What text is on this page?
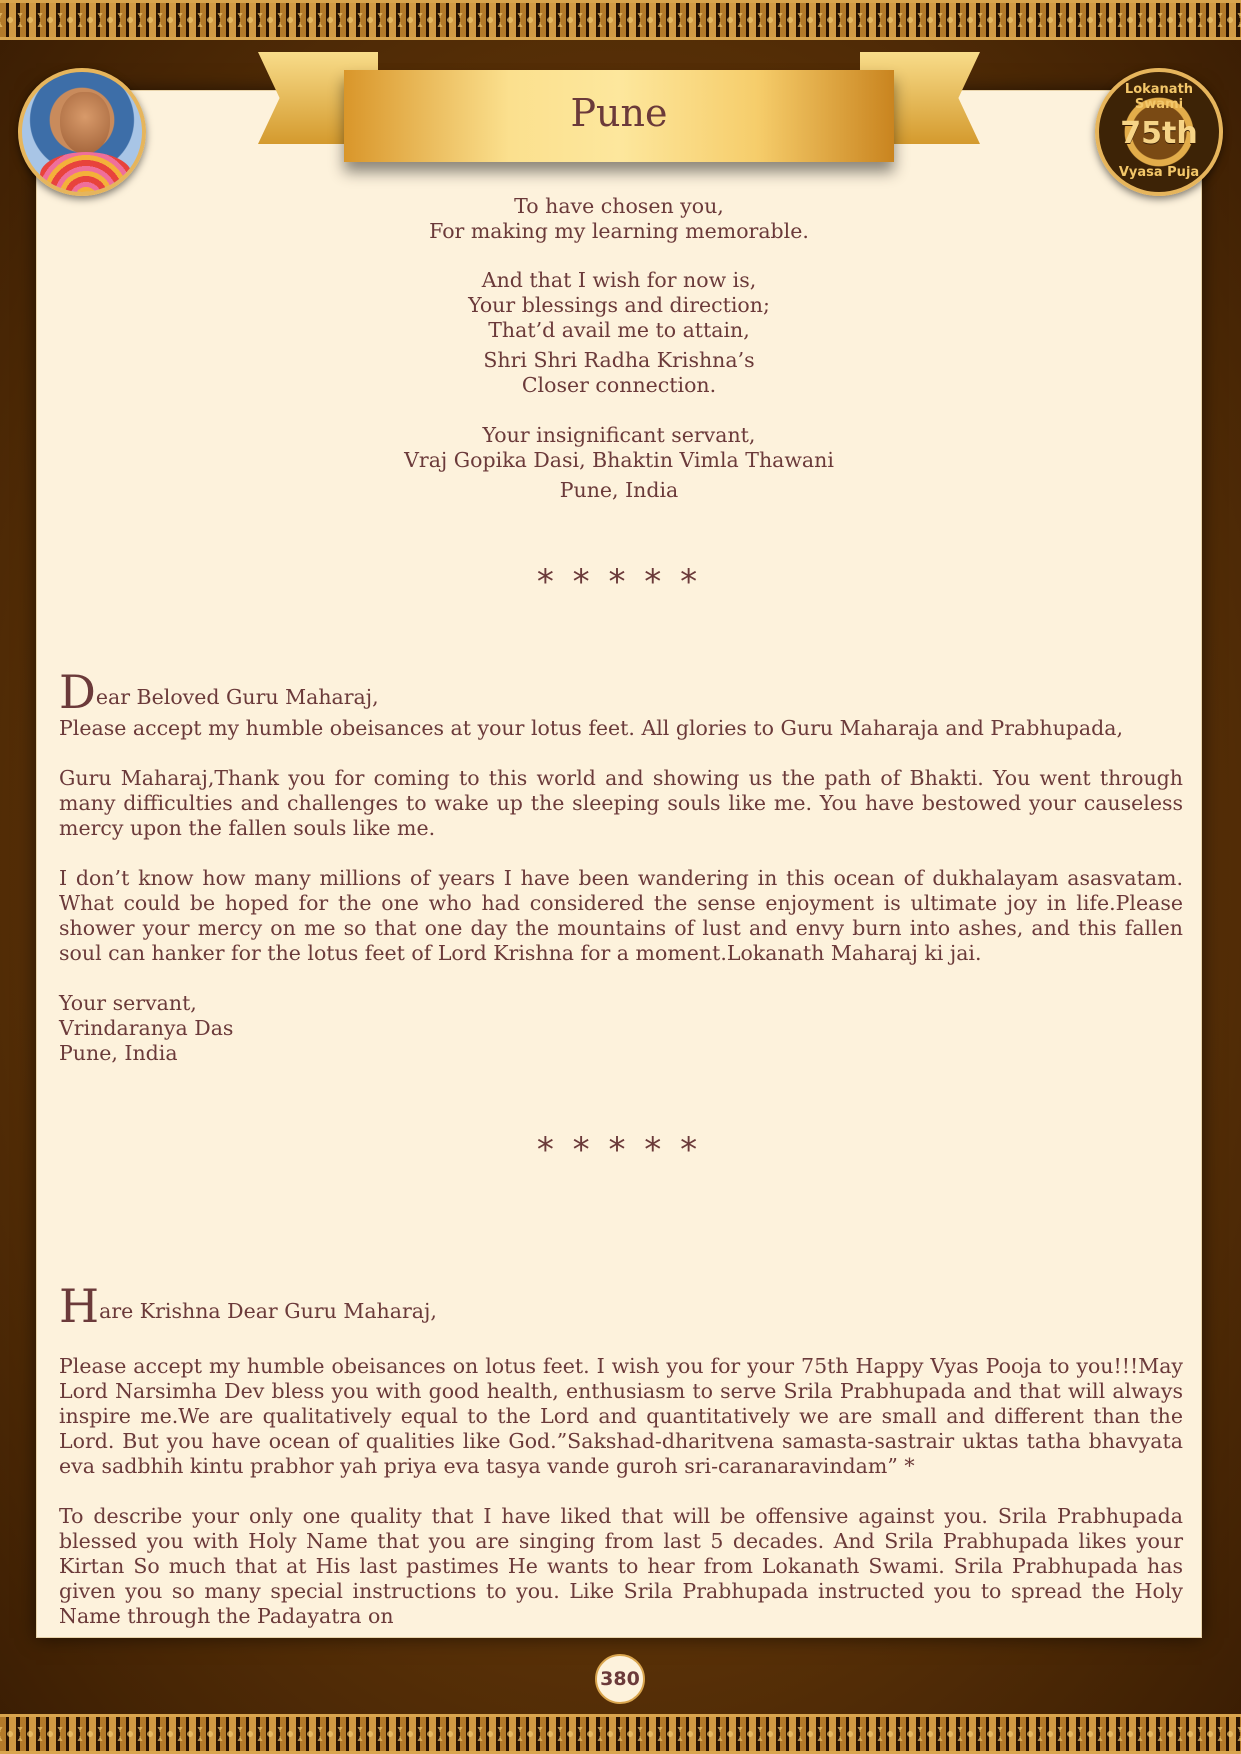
Lokanath Swami
75th
Vyasa Puja
Pune
To have chosen you,
For making my learning memorable.
And that I wish for now is,
Your blessings and direction;
That’d avail me to attain,
Shri Shri Radha Krishna’s
Closer connection.
Your insignificant servant,
Vraj Gopika Dasi, Bhaktin Vimla Thawani
Pune, India
* * * * *

Dear Beloved Guru Maharaj,

Please accept my humble obeisances at your lotus feet. All glories to Guru Maharaja and Prabhupada,

Guru Maharaj,Thank you for coming to this world and showing us the path of Bhakti. You went through many difficulties and challenges to wake up the sleeping souls like me. You have bestowed your causeless mercy upon the fallen souls like me.

I don’t know how many millions of years I have been wandering in this ocean of dukhalayam asasvatam. What could be hoped for the one who had considered the sense enjoyment is ultimate joy in life.Please shower your mercy on me so that one day the mountains of lust and envy burn into ashes, and this fallen soul can hanker for the lotus feet of Lord Krishna for a moment.Lokanath Maharaj ki jai.

Your servant,
Vrindaranya Das
Pune, India
* * * * *

Hare Krishna Dear Guru Maharaj,

Please accept my humble obeisances on lotus feet. I wish you for your 75th Happy Vyas Pooja to you!!!May Lord Narsimha Dev bless you with good health, enthusiasm to serve Srila Prabhupada and that will always inspire me.We are qualitatively equal to the Lord and quantitatively we are small and different than the Lord. But you have ocean of qualities like God.”Sakshad-dharitvena samasta-sastrair uktas tatha bhavyata eva sadbhih kintu prabhor yah priya eva tasya vande guroh sri-caranaravindam” *

To describe your only one quality that I have liked that will be offensive against you. Srila Prabhupada blessed you with Holy Name that you are singing from last 5 decades. And Srila Prabhupada likes your Kirtan So much that at His last pastimes He wants to hear from Lokanath Swami. Srila Prabhupada has given you so many special instructions to you. Like Srila Prabhupada instructed you to spread the Holy Name through the Padayatra on

380
